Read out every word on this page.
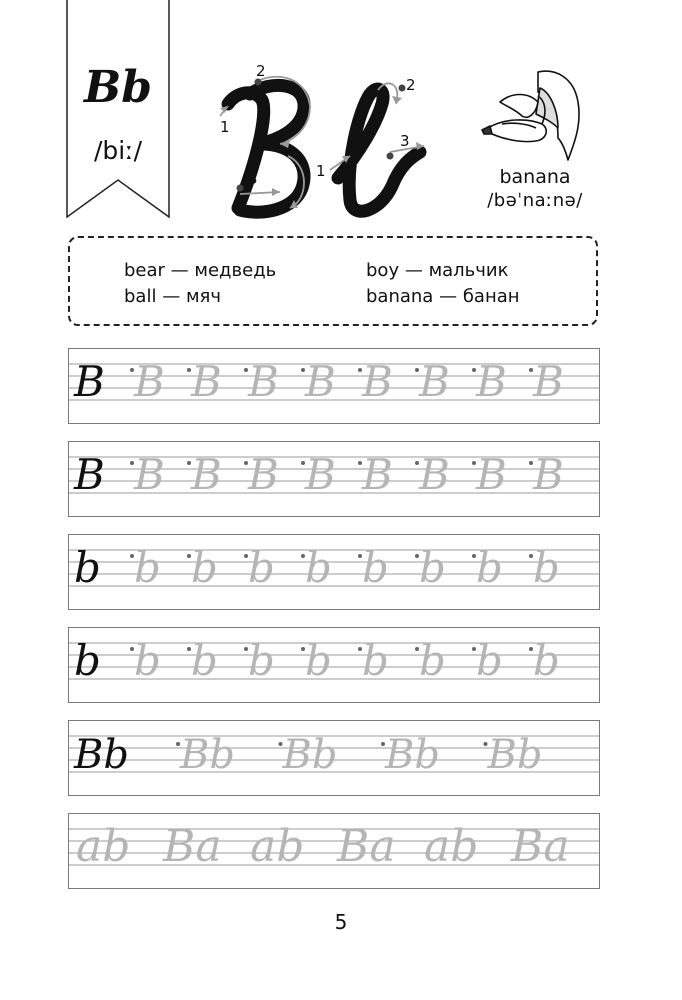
Bb
/biː/
1
2
3	1
2
3
banana
/bəˈnaːnə/
bear — медведь
ball — мяч
boy — мальчик
banana — банан
B B B B B B B B B
B B B B B B B B B
b b b b b b b b b
b b b b b b b b b
Bb Bb Bb Bb Bb
ab Ba ab Ba ab Ba
5
